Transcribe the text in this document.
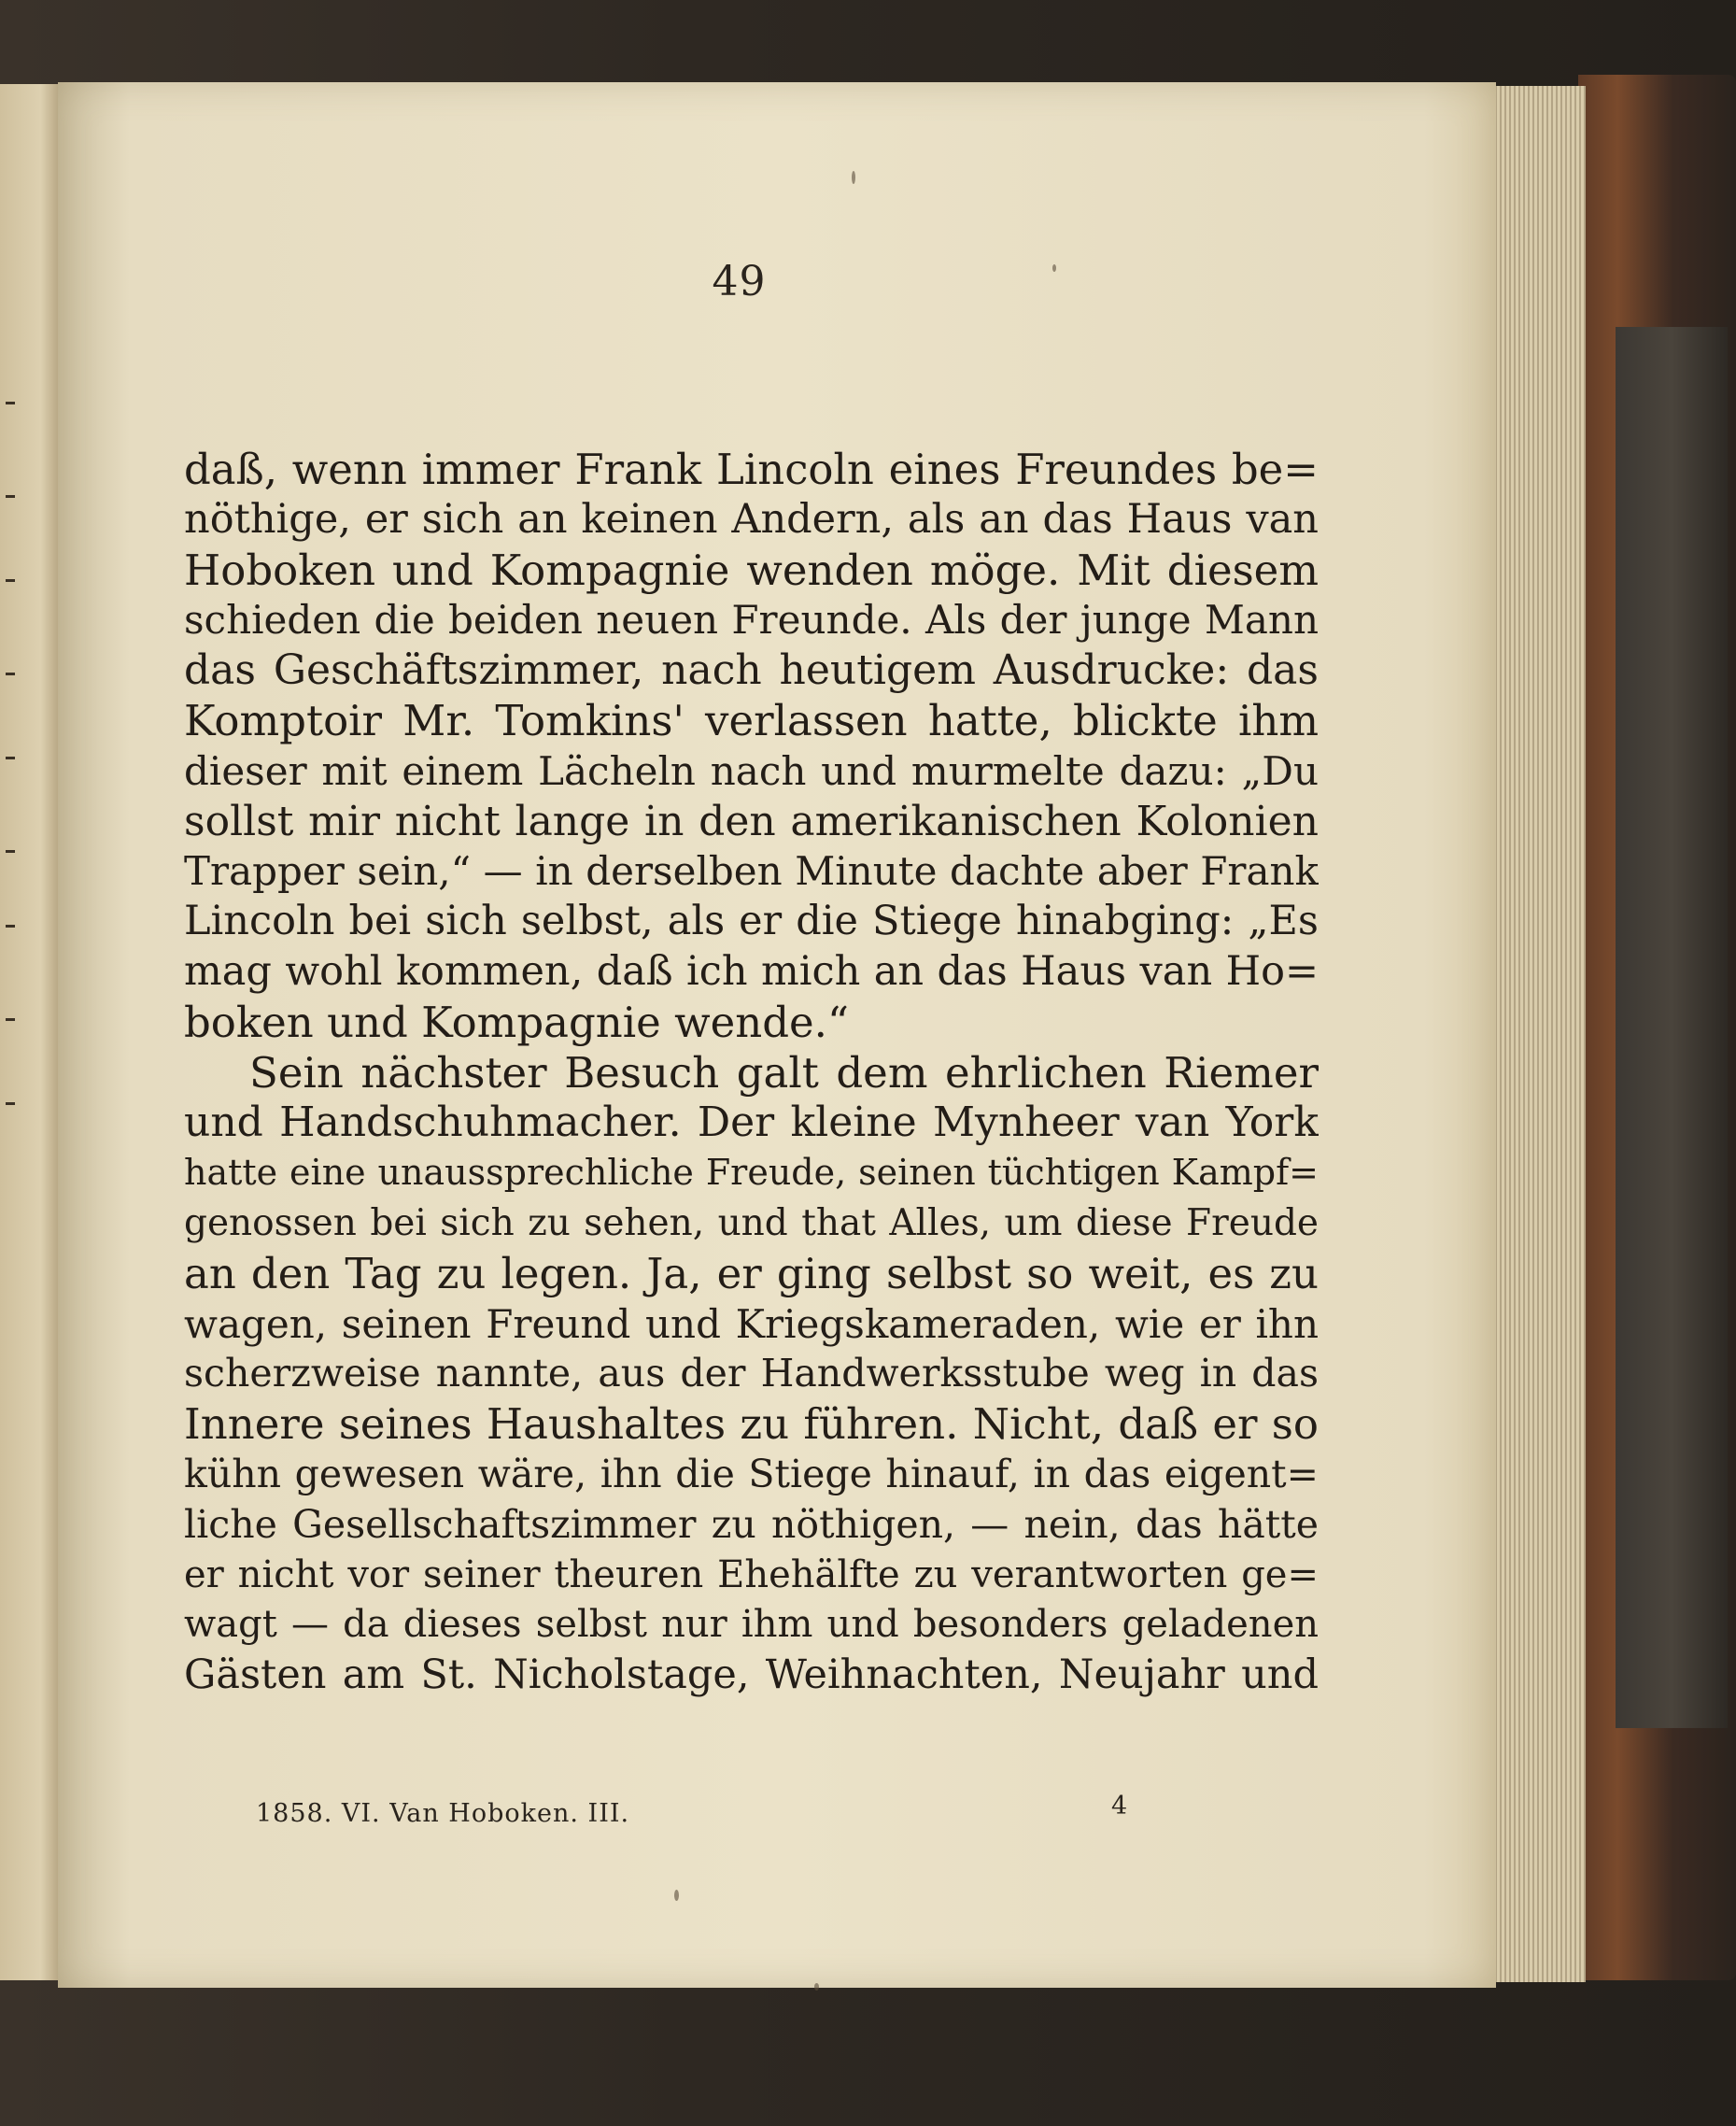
49
daß, wenn immer Frank Lincoln eines Freundes be=
nöthige, er sich an keinen Andern, als an das Haus van
Hoboken und Kompagnie wenden möge. Mit diesem
schieden die beiden neuen Freunde. Als der junge Mann
das Geschäftszimmer, nach heutigem Ausdrucke: das
Komptoir Mr. Tomkins' verlassen hatte, blickte ihm
dieser mit einem Lächeln nach und murmelte dazu: „Du
sollst mir nicht lange in den amerikanischen Kolonien
Trapper sein,“ — in derselben Minute dachte aber Frank
Lincoln bei sich selbst, als er die Stiege hinabging: „Es
mag wohl kommen, daß ich mich an das Haus van Ho=
boken und Kompagnie wende.“
Sein nächster Besuch galt dem ehrlichen Riemer
und Handschuhmacher. Der kleine Mynheer van York
hatte eine unaussprechliche Freude, seinen tüchtigen Kampf=
genossen bei sich zu sehen, und that Alles, um diese Freude
an den Tag zu legen. Ja, er ging selbst so weit, es zu
wagen, seinen Freund und Kriegskameraden, wie er ihn
scherzweise nannte, aus der Handwerksstube weg in das
Innere seines Haushaltes zu führen. Nicht, daß er so
kühn gewesen wäre, ihn die Stiege hinauf, in das eigent=
liche Gesellschaftszimmer zu nöthigen, — nein, das hätte
er nicht vor seiner theuren Ehehälfte zu verantworten ge=
wagt — da dieses selbst nur ihm und besonders geladenen
Gästen am St. Nicholstage, Weihnachten, Neujahr und
1858. VI. Van Hoboken. III.	4
